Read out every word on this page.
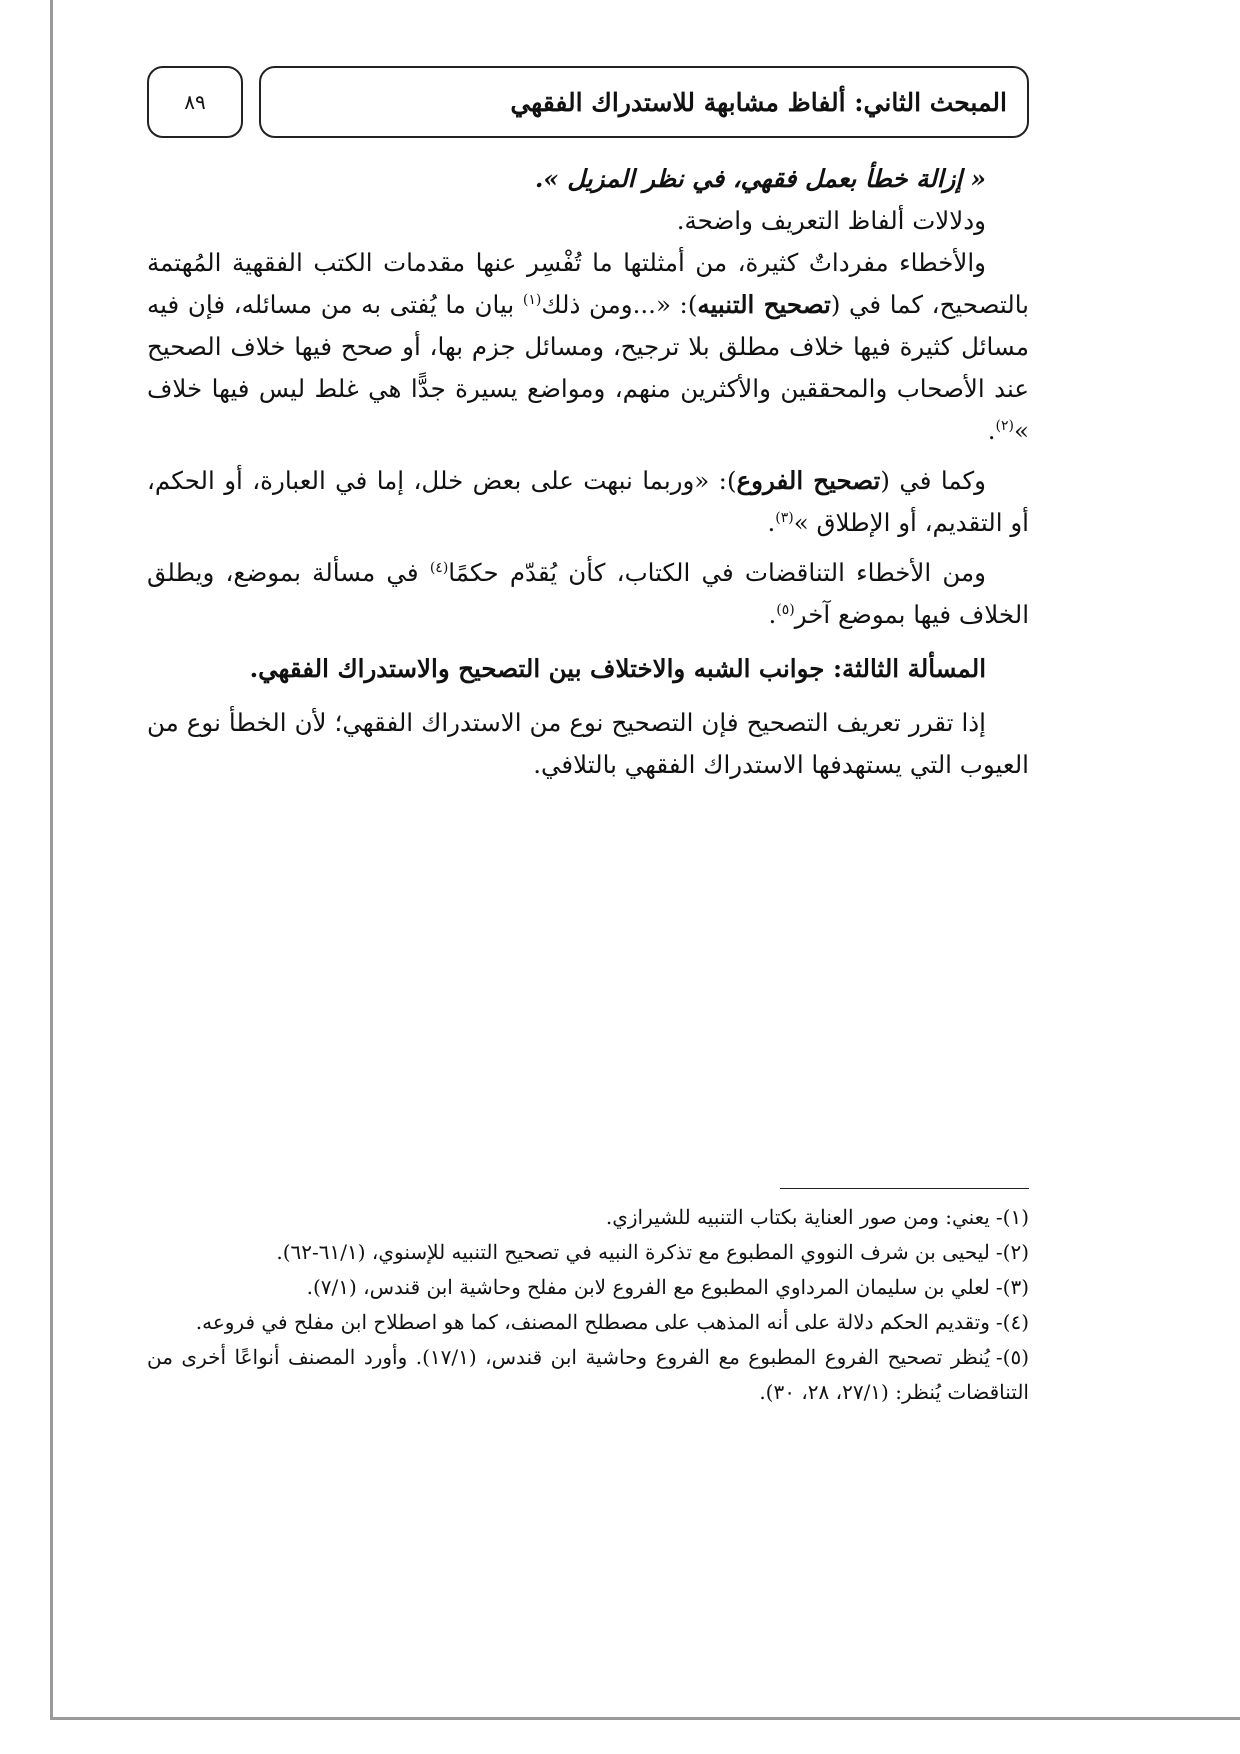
المبحث الثاني: ألفاظ مشابهة للاستدراك الفقهي
٨٩

« إزالة خطأ بعمل فقهي، في نظر المزيل ».

ودلالات ألفاظ التعريف واضحة.

والأخطاء مفرداتٌ كثيرة، من أمثلتها ما تُفْسِر عنها مقدمات الكتب الفقهية المُهتمة بالتصحيح، كما في (تصحيح التنبيه): «...ومن ذلك$^{(١)}$ بيان ما يُفتى به من مسائله، فإن فيه مسائل كثيرة فيها خلاف مطلق بلا ترجيح، ومسائل جزم بها، أو صحح فيها خلاف الصحيح عند الأصحاب والمحققين والأكثرين منهم، ومواضع يسيرة جدًّا هي غلط ليس فيها خلاف »$^{(٢)}$.

وكما في (تصحيح الفروع): «وربما نبهت على بعض خلل، إما في العبارة، أو الحكم، أو التقديم، أو الإطلاق »$^{(٣)}$.

ومن الأخطاء التناقضات في الكتاب، كأن يُقدّم حكمًا$^{(٤)}$ في مسألة بموضع، ويطلق الخلاف فيها بموضع آخر$^{(٥)}$.

المسألة الثالثة: جوانب الشبه والاختلاف بين التصحيح والاستدراك الفقهي.

إذا تقرر تعريف التصحيح فإن التصحيح نوع من الاستدراك الفقهي؛ لأن الخطأ نوع من العيوب التي يستهدفها الاستدراك الفقهي بالتلافي.

(١)-يعني: ومن صور العناية بكتاب التنبيه للشيرازي.

(٢)-ليحيى بن شرف النووي المطبوع مع تذكرة النبيه في تصحيح التنبيه للإسنوي، (٦١/١-٦٢).

(٣)-لعلي بن سليمان المرداوي المطبوع مع الفروع لابن مفلح وحاشية ابن قندس، (٧/١).

(٤)-وتقديم الحكم دلالة على أنه المذهب على مصطلح المصنف، كما هو اصطلاح ابن مفلح في فروعه.

(٥)-يُنظر تصحيح الفروع المطبوع مع الفروع وحاشية ابن قندس، (١٧/١). وأورد المصنف أنواعًا أخرى من التناقضات يُنظر: (٢٧/١، ٢٨، ٣٠).
